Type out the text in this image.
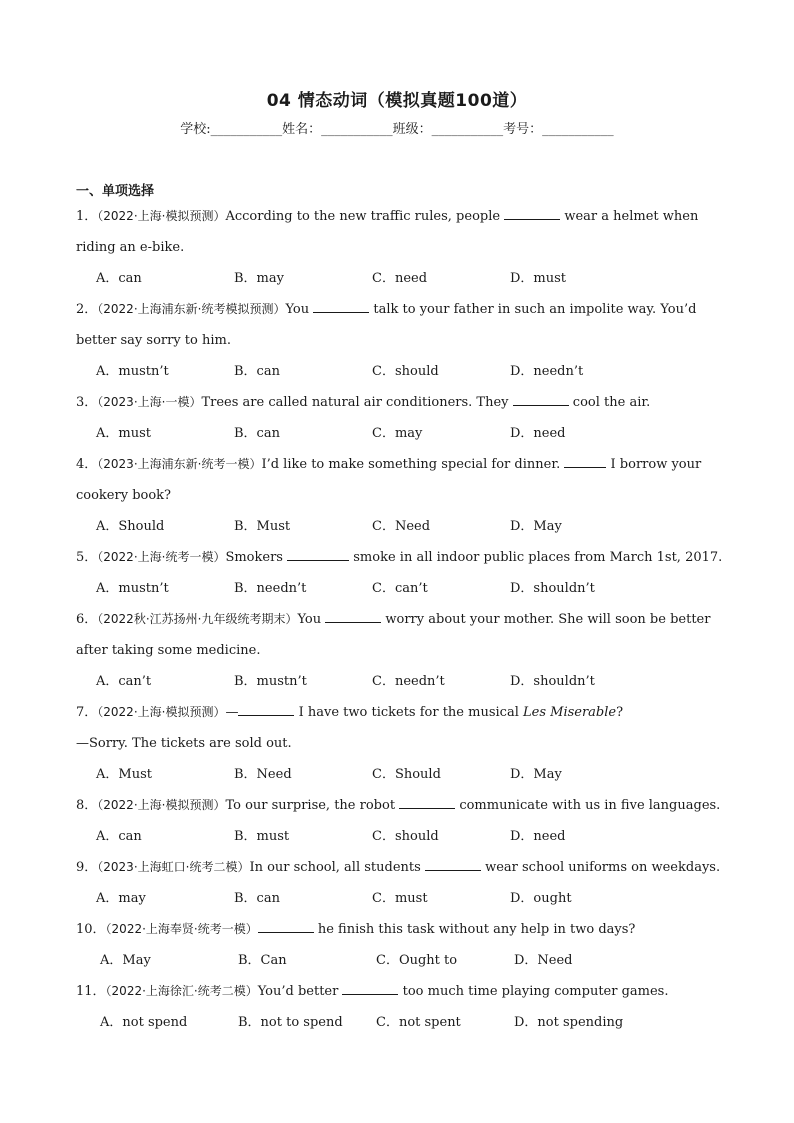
04 情态动词（模拟真题100道）
学校:___________姓名：___________班级：___________考号：___________
一、单项选择
1．（2022·上海·模拟预测）According to the new traffic rules, people	wear a helmet when riding an e-bike.
A．can	B．may	C．need	D．must
2．（2022·上海浦东新·统考模拟预测）You	talk to your father in such an impolite way. You’d better say sorry to him.
A．mustn’t	B．can	C．should	D．needn’t
3．（2023·上海·一模）Trees are called natural air conditioners. They	cool the air.
A．must	B．can	C．may	D．need
4．（2023·上海浦东新·统考一模）I’d like to make something special for dinner.	I borrow your cookery book?
A．Should	B．Must	C．Need	D．May
5．（2022·上海·统考一模）Smokers	smoke in all indoor public places from March 1st, 2017.
A．mustn’t	B．needn’t	C．can’t	D．shouldn’t
6．（2022秋·江苏扬州·九年级统考期末）You	worry about your mother. She will soon be better after taking some medicine.
A．can’t	B．mustn’t	C．needn’t	D．shouldn’t
7．（2022·上海·模拟预测）—	I have two tickets for the musical Les Miserable?
—Sorry. The tickets are sold out.
A．Must	B．Need	C．Should	D．May
8．（2022·上海·模拟预测）To our surprise, the robot	communicate with us in five languages.
A．can	B．must	C．should	D．need
9．（2023·上海虹口·统考二模）In our school, all students	wear school uniforms on weekdays.
A．may	B．can	C．must	D．ought
10．（2022·上海奉贤·统考一模）	he finish this task without any help in two days?
A．May	B．Can	C．Ought to	D．Need
11．（2022·上海徐汇·统考二模）You’d better	too much time playing computer games.
A．not spend	B．not to spend	C．not spent	D．not spending
